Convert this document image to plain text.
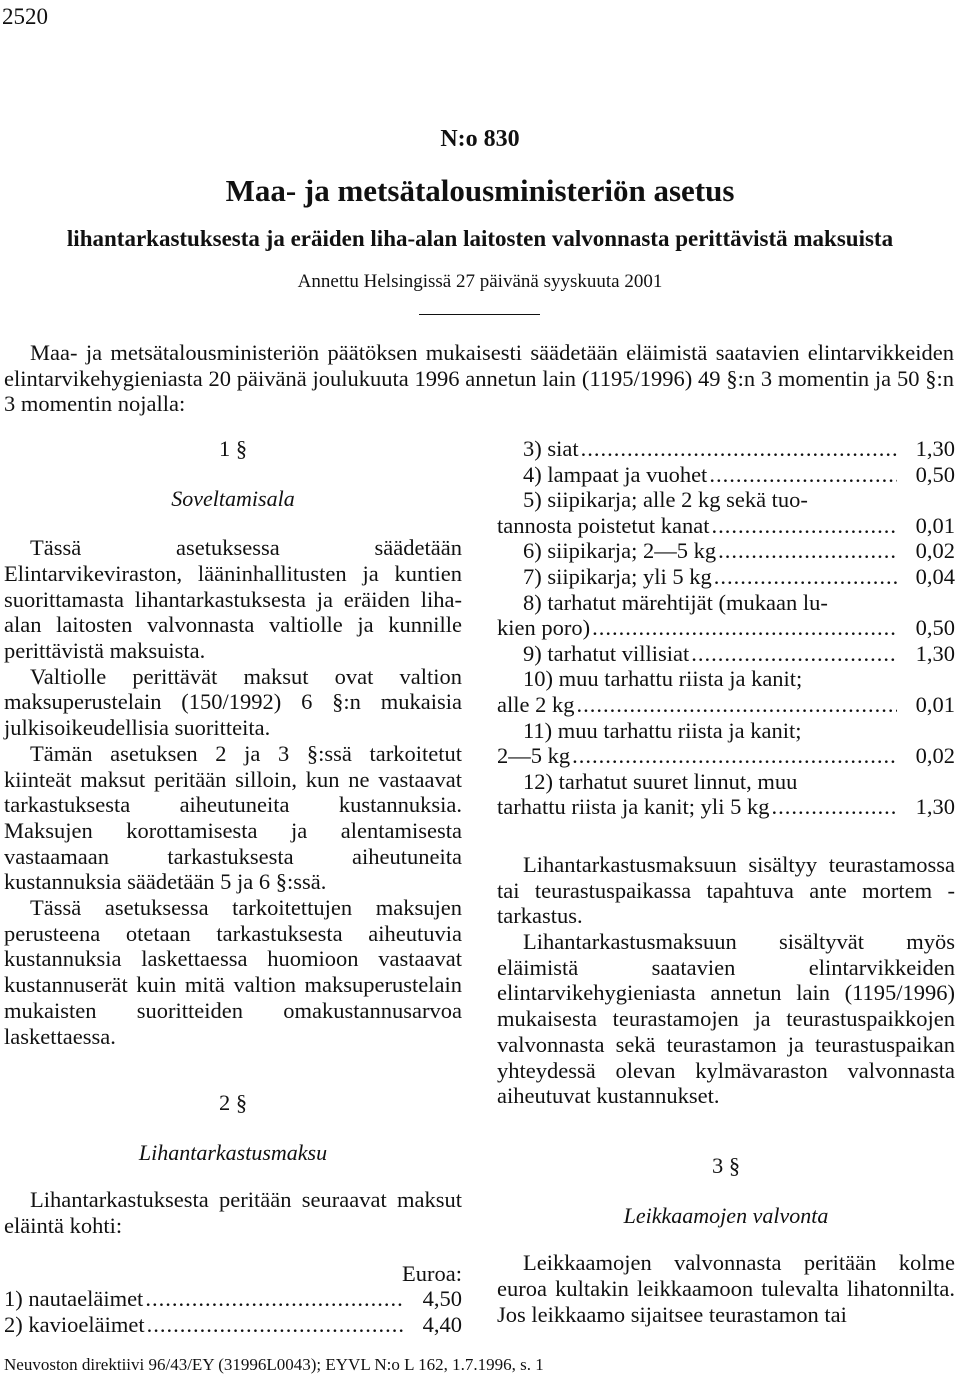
2520
N:o 830
Maa- ja metsätalousministeriön asetus
lihantarkastuksesta ja eräiden liha-alan laitosten valvonnasta perittävistä maksuista
Annettu Helsingissä 27 päivänä syyskuuta 2001

Maa- ja metsätalousministeriön päätöksen mukaisesti säädetään eläimistä saatavien elintarvikkeiden elintarvikehygieniasta 20 päivänä joulukuuta 1996 annetun lain (1195/1996) 49 §:n 3 momentin ja 50 §:n 3 momentin nojalla:

1 §
Soveltamisala

Tässä asetuksessa säädetään Elintarvikeviraston, lääninhallitusten ja kuntien suorittamasta lihantarkastuksesta ja eräiden liha-alan laitosten valvonnasta valtiolle ja kunnille perittävistä maksuista.

Valtiolle perittävät maksut ovat valtion maksuperustelain (150/1992) 6 §:n mukaisia julkisoikeudellisia suoritteita.

Tämän asetuksen 2 ja 3 §:ssä tarkoitetut kiinteät maksut peritään silloin, kun ne vastaavat tarkastuksesta aiheutuneita kustannuksia. Maksujen korottamisesta ja alentamisesta vastaamaan tarkastuksesta aiheutuneita kustannuksia säädetään 5 ja 6 §:ssä.

Tässä asetuksessa tarkoitettujen maksujen perusteena otetaan tarkastuksesta aiheutuvia kustannuksia laskettaessa huomioon vastaavat kustannuserät kuin mitä valtion maksuperustelain mukaisten suoritteiden omakustannusarvoa laskettaessa.

2 §
Lihantarkastusmaksu

Lihantarkastuksesta peritään seuraavat maksut eläintä kohti:

Euroa:
1) nautaeläimet .....	4,50
2) kavioeläimet .....	4,40
3) siat .....	1,30
4) lampaat ja vuohet .....	0,50
5) siipikarja; alle 2 kg sekä tuo-
tannosta poistetut kanat .....	0,01
6) siipikarja; 2—5 kg .....	0,02
7) siipikarja; yli 5 kg .....	0,04
8) tarhatut märehtijät (mukaan lu-
kien poro) .....	0,50
9) tarhatut villisiat .....	1,30
10) muu tarhattu riista ja kanit;
alle 2 kg .....	0,01
11) muu tarhattu riista ja kanit;
2—5 kg .....	0,02
12) tarhatut suuret linnut, muu
tarhattu riista ja kanit; yli 5 kg .....	1,30

Lihantarkastusmaksuun sisältyy teurastamossa tai teurastuspaikassa tapahtuva ante mortem -tarkastus.

Lihantarkastusmaksuun sisältyvät myös eläimistä saatavien elintarvikkeiden elintarvikehygieniasta annetun lain (1195/1996) mukaisesta teurastamojen ja teurastuspaikkojen valvonnasta sekä teurastamon ja teurastuspaikan yhteydessä olevan kylmävaraston valvonnasta aiheutuvat kustannukset.

3 §
Leikkaamojen valvonta

Leikkaamojen valvonnasta peritään kolme euroa kultakin leikkaamoon tulevalta lihatonnilta. Jos leikkaamo sijaitsee teurastamon tai

Neuvoston direktiivi 96/43/EY (31996L0043); EYVL N:o L 162, 1.7.1996, s. 1
